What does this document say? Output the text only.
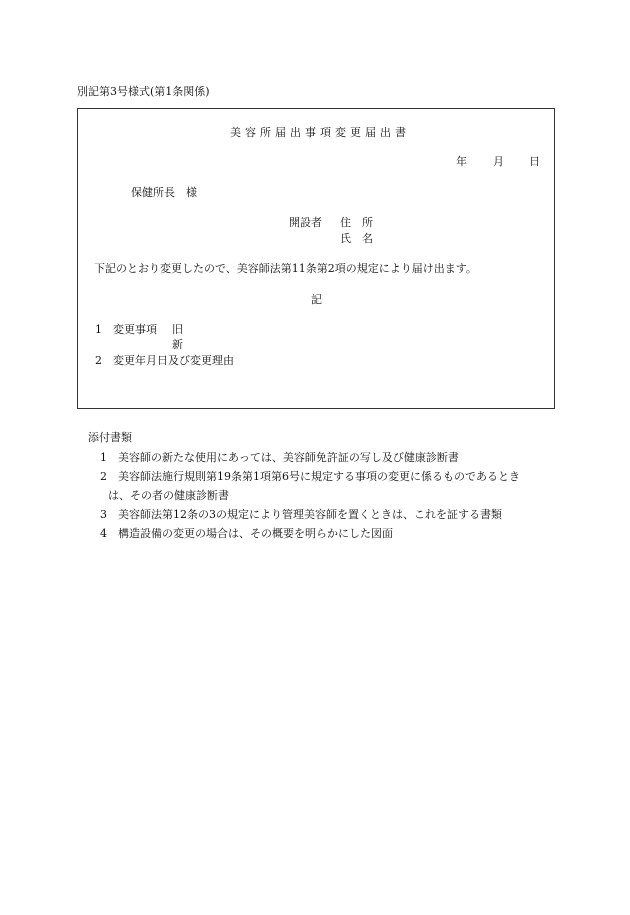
別記第3号様式(第1条関係)
美容所届出事項変更届出書
年 月 日
保健所長　様
開設者 住　所
氏　名
下記のとおり変更したので、美容師法第11条第2項の規定により届け出ます。
記
1 変更事項 旧
新
2 変更年月日及び変更理由
添付書類
1 美容師の新たな使用にあっては、美容師免許証の写し及び健康診断書
2 美容師法施行規則第19条第1項第6号に規定する事項の変更に係るものであるとき
は、その者の健康診断書
3 美容師法第12条の3の規定により管理美容師を置くときは、これを証する書類
4 構造設備の変更の場合は、その概要を明らかにした図面
